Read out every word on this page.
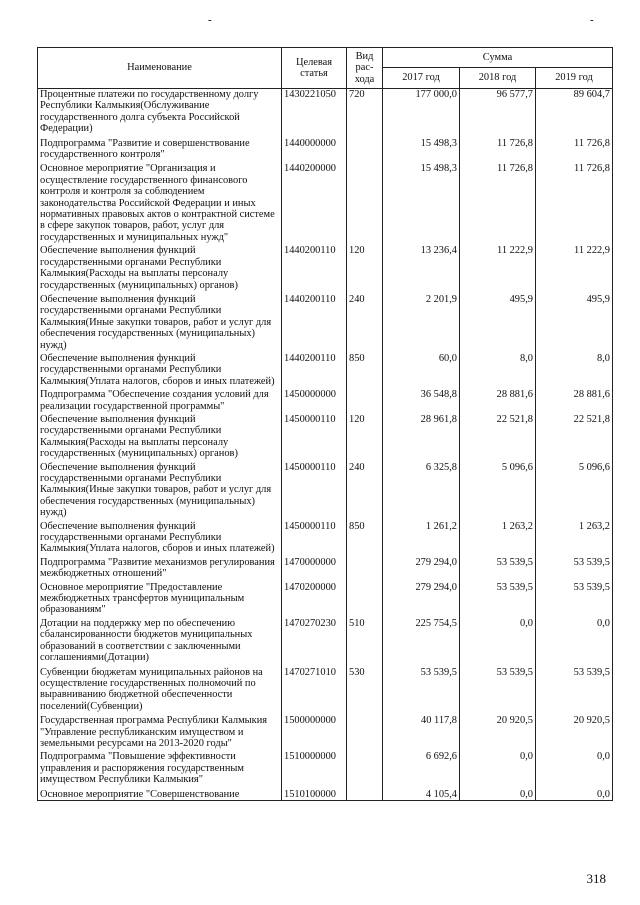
-	-
Наименование	Целевая статья	Вид рас-хода	Сумма		
			2017 год	2018 год	2019 год
Процентные платежи по государственному долгу Республики Калмыкия(Обслуживание государственного долга субъекта Российской Федерации)	1430221050	720	177 000,0	96 577,7	89 604,7
Подпрограмма "Развитие и совершенствование государственного контроля"	1440000000		15 498,3	11 726,8	11 726,8
Основное мероприятие "Организация и осуществление государственного финансового контроля и контроля за соблюдением законодательства Российской Федерации и иных нормативных правовых актов о контрактной системе в сфере закупок товаров, работ, услуг для государственных и муниципальных нужд"	1440200000		15 498,3	11 726,8	11 726,8
Обеспечение выполнения функций государственными органами Республики Калмыкия(Расходы на выплаты персоналу государственных (муниципальных) органов)	1440200110	120	13 236,4	11 222,9	11 222,9
Обеспечение выполнения функций государственными органами Республики Калмыкия(Иные закупки товаров, работ и услуг для обеспечения государственных (муниципальных) нужд)	1440200110	240	2 201,9	495,9	495,9
Обеспечение выполнения функций государственными органами Республики Калмыкия(Уплата налогов, сборов и иных платежей)	1440200110	850	60,0	8,0	8,0
Подпрограмма "Обеспечение создания условий для реализации государственной программы"	1450000000		36 548,8	28 881,6	28 881,6
Обеспечение выполнения функций государственными органами Республики Калмыкия(Расходы на выплаты персоналу государственных (муниципальных) органов)	1450000110	120	28 961,8	22 521,8	22 521,8
Обеспечение выполнения функций государственными органами Республики Калмыкия(Иные закупки товаров, работ и услуг для обеспечения государственных (муниципальных) нужд)	1450000110	240	6 325,8	5 096,6	5 096,6
Обеспечение выполнения функций государственными органами Республики Калмыкия(Уплата налогов, сборов и иных платежей)	1450000110	850	1 261,2	1 263,2	1 263,2
Подпрограмма "Развитие механизмов регулирования межбюджетных отношений"	1470000000		279 294,0	53 539,5	53 539,5
Основное мероприятие "Предоставление межбюджетных трансфертов муниципальным образованиям"	1470200000		279 294,0	53 539,5	53 539,5
Дотации на поддержку мер по обеспечению сбалансированности бюджетов муниципальных образований в соответствии с заключенными соглашениями(Дотации)	1470270230	510	225 754,5	0,0	0,0
Субвенции бюджетам муниципальных районов на осуществление государственных полномочий по выравниванию бюджетной обеспеченности поселений(Субвенции)	1470271010	530	53 539,5	53 539,5	53 539,5
Государственная программа Республики Калмыкия "Управление республиканским имуществом и земельными ресурсами на 2013-2020 годы"	1500000000		40 117,8	20 920,5	20 920,5
Подпрограмма "Повышение эффективности управления и распоряжения государственным имуществом Республики Калмыкия"	1510000000		6 692,6	0,0	0,0
Основное мероприятие "Совершенствование	1510100000		4 105,4	0,0	0,0
318
